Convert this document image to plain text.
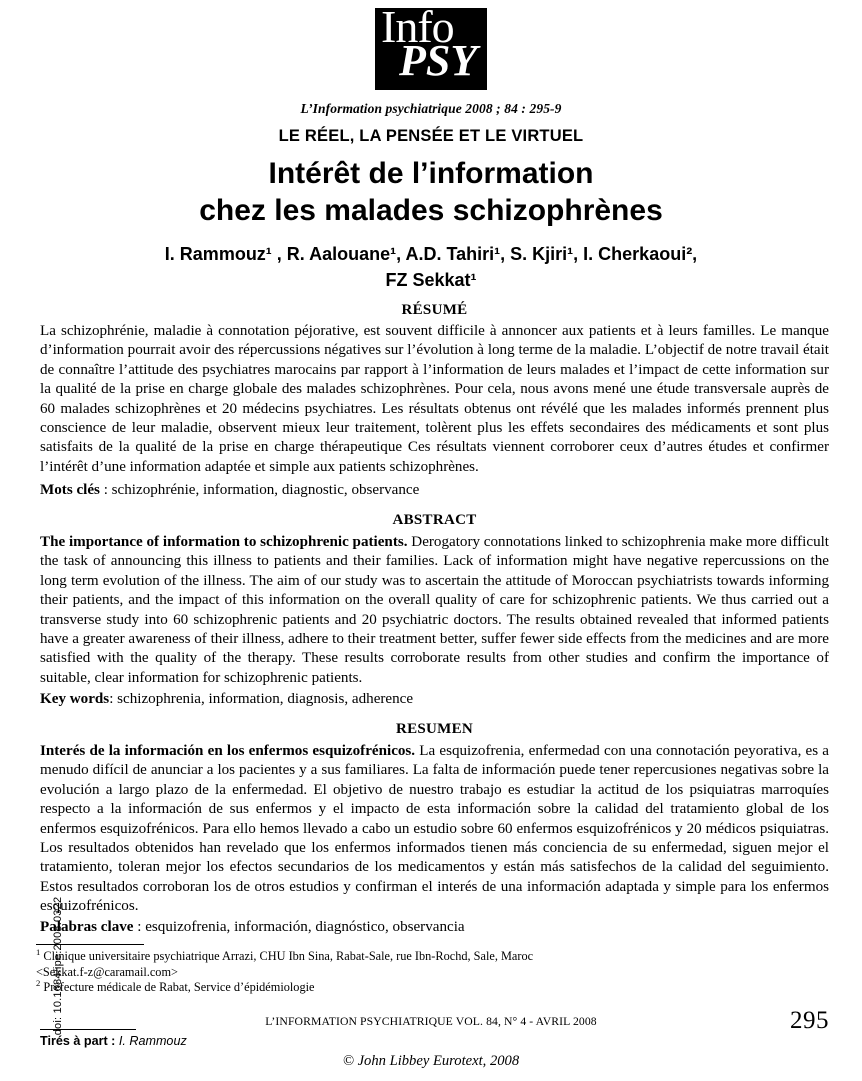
Info
PSY
L’Information psychiatrique 2008 ; 84 : 295-9
LE RÉEL, LA PENSÉE ET LE VIRTUEL
Intérêt de l’information
chez les malades schizophrènes
I. Rammouz¹ , R. Aalouane¹, A.D. Tahiri¹, S. Kjiri¹, I. Cherkaoui²,
FZ Sekkat¹
RÉSUMÉ

La schizophrénie, maladie à connotation péjorative, est souvent difficile à annoncer aux patients et à leurs familles. Le manque d’information pourrait avoir des répercussions négatives sur l’évolution à long terme de la maladie. L’objectif de notre travail était de connaître l’attitude des psychiatres marocains par rapport à l’information de leurs malades et l’impact de cette information sur la qualité de la prise en charge globale des malades schizophrènes. Pour cela, nous avons mené une étude transversale auprès de 60 malades schizophrènes et 20 médecins psychiatres. Les résultats obtenus ont révélé que les malades informés prennent plus conscience de leur maladie, observent mieux leur traitement, tolèrent plus les effets secondaires des médicaments et sont plus satisfaits de la qualité de la prise en charge thérapeutique Ces résultats viennent corroborer ceux d’autres études et confirmer l’intérêt d’une information adaptée et simple aux patients schizophrènes.

Mots clés : schizophrénie, information, diagnostic, observance

ABSTRACT

The importance of information to schizophrenic patients. Derogatory connotations linked to schizophrenia make more difficult the task of announcing this illness to patients and their families. Lack of information might have negative repercussions on the long term evolution of the illness. The aim of our study was to ascertain the attitude of Moroccan psychiatrists towards informing their patients, and the impact of this information on the overall quality of care for schizophrenic patients. We thus carried out a transverse study into 60 schizophrenic patients and 20 psychiatric doctors. The results obtained revealed that informed patients have a greater awareness of their illness, adhere to their treatment better, suffer fewer side effects from the medicines and are more satisfied with the quality of the therapy. These results corroborate results from other studies and confirm the importance of suitable, clear information for schizophrenic patients.

Key words: schizophrenia, information, diagnosis, adherence

RESUMEN

Interés de la información en los enfermos esquizofrénicos. La esquizofrenia, enfermedad con una connotación peyorativa, es a menudo difícil de anunciar a los pacientes y a sus familiares. La falta de información puede tener repercusiones negativas sobre la evolución a largo plazo de la enfermedad. El objetivo de nuestro trabajo es estudiar la actitud de los psiquiatras marroquíes respecto a la información de sus enfermos y el impacto de esta información sobre la calidad del tratamiento global de los enfermos esquizofrénicos. Para ello hemos llevado a cabo un estudio sobre 60 enfermos esquizofrénicos y 20 médicos psiquiatras. Los resultados obtenidos han revelado que los enfermos informados tienen más conciencia de su enfermedad, siguen mejor el tratamiento, toleran mejor los efectos secundarios de los medicamentos y están más satisfechos de la calidad del seguimiento. Estos resultados corroboran los de otros estudios y confirman el interés de una información adaptada y simple para los enfermos esquizofrénicos.

Palabras clave : esquizofrenia, información, diagnóstico, observancia

$^1$ Clinique universitaire psychiatrique Arrazi, CHU Ibn Sina, Rabat-Sale, rue Ibn-Rochd, Sale, Maroc
<Sekkat.f-z@caramail.com>
$^2$ Préfecture médicale de Rabat, Service d’épidémiologie
Tirés à part : I. Rammouz
L’INFORMATION PSYCHIATRIQUE VOL. 84, N° 4 - AVRIL 2008
© John Libbey Eurotext, 2008
295
doi: 10.1684/ipe.2008.0322
